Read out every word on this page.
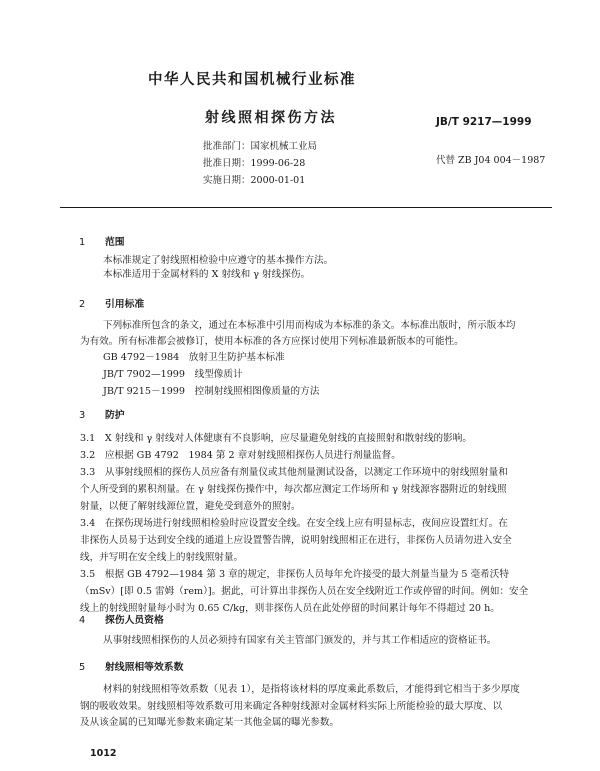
中华人民共和国机械行业标准
射线照相探伤方法	JB/T 9217—1999
批准部门：国家机械工业局
批准日期：1999-06-28
实施日期：2000-01-01
代替 ZB J04 004－1987
1 范围

本标准规定了射线照相检验中应遵守的基本操作方法。

本标准适用于金属材料的 X 射线和 γ 射线探伤。

2 引用标准
下列标准所包含的条文，通过在本标准中引用而构成为本标准的条文。本标准出版时，所示版本均
为有效。所有标准都会被修订，使用本标准的各方应探讨使用下列标准最新版本的可能性。
GB 4792－1984　放射卫生防护基本标准
JB/T 7902—1999　线型像质计
JB/T 9215－1999　控制射线照相图像质量的方法
3 防护

3.1　X 射线和 γ 射线对人体健康有不良影响，应尽量避免射线的直接照射和散射线的影响。

3.2　应根据 GB 4792　1984 第 2 章对射线照相探伤人员进行剂量监督。

3.3　从事射线照相的探伤人员应备有剂量仪或其他剂量测试设备，以测定工作环境中的射线照射量和

个人所受到的累积剂量。在 γ 射线探伤操作中，每次都应测定工作场所和 γ 射线源容器附近的射线照

射量，以便了解射线源位置，避免受到意外的照射。

3.4　在探伤现场进行射线照相检验时应设置安全线。在安全线上应有明显标志，夜间应设置红灯。在

非探伤人员易于达到安全线的通道上应设置警告牌，说明射线照相正在进行，非探伤人员请勿进入安全

线，并写明在安全线上的射线照射量。

3.5　根据 GB 4792—1984 第 3 章的规定，非探伤人员每年允许接受的最大剂量当量为 5 毫希沃特

（mSv）[即 0.5 雷姆（rem）]。据此，可计算出非探伤人员在安全线附近工作或停留的时间。例如：安全

线上的射线照射量每小时为 0.65 C/kg，则非探伤人员在此处停留的时间累计每年不得超过 20 h。

4 探伤人员资格
从事射线照相探伤的人员必须持有国家有关主管部门颁发的，并与其工作相适应的资格证书。
5 射线照相等效系数
材料的射线照相等效系数（见表 1），是指将该材料的厚度乘此系数后，才能得到它相当于多少厚度
钢的吸收效果。射线照相等效系数可用来确定各种射线源对金属材料实际上所能检验的最大厚度、以
及从该金属的已知曝光参数来确定某一其他金属的曝光参数。
1012
